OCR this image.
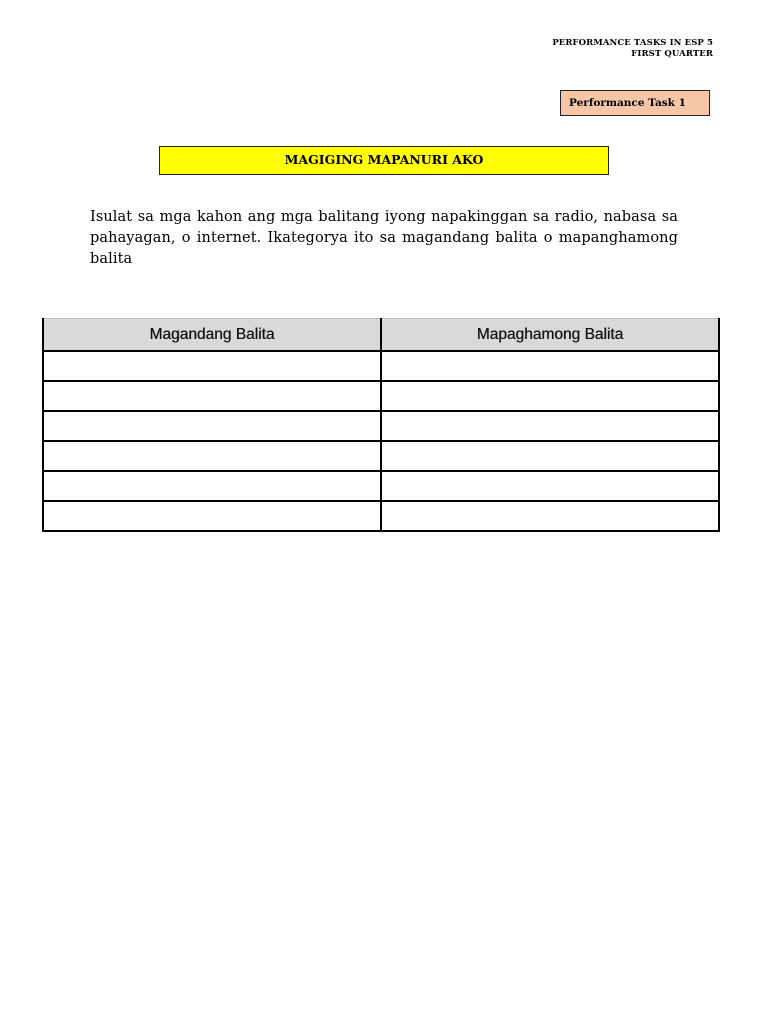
PERFORMANCE TASKS IN ESP 5
FIRST QUARTER
Performance Task 1
MAGIGING MAPANURI AKO
Isulat sa mga kahon ang mga balitang iyong napakinggan sa radio, nabasa sa pahayagan, o internet. Ikategorya ito sa magandang balita o mapanghamong balita
Magandang Balita	Mapaghamong Balita
